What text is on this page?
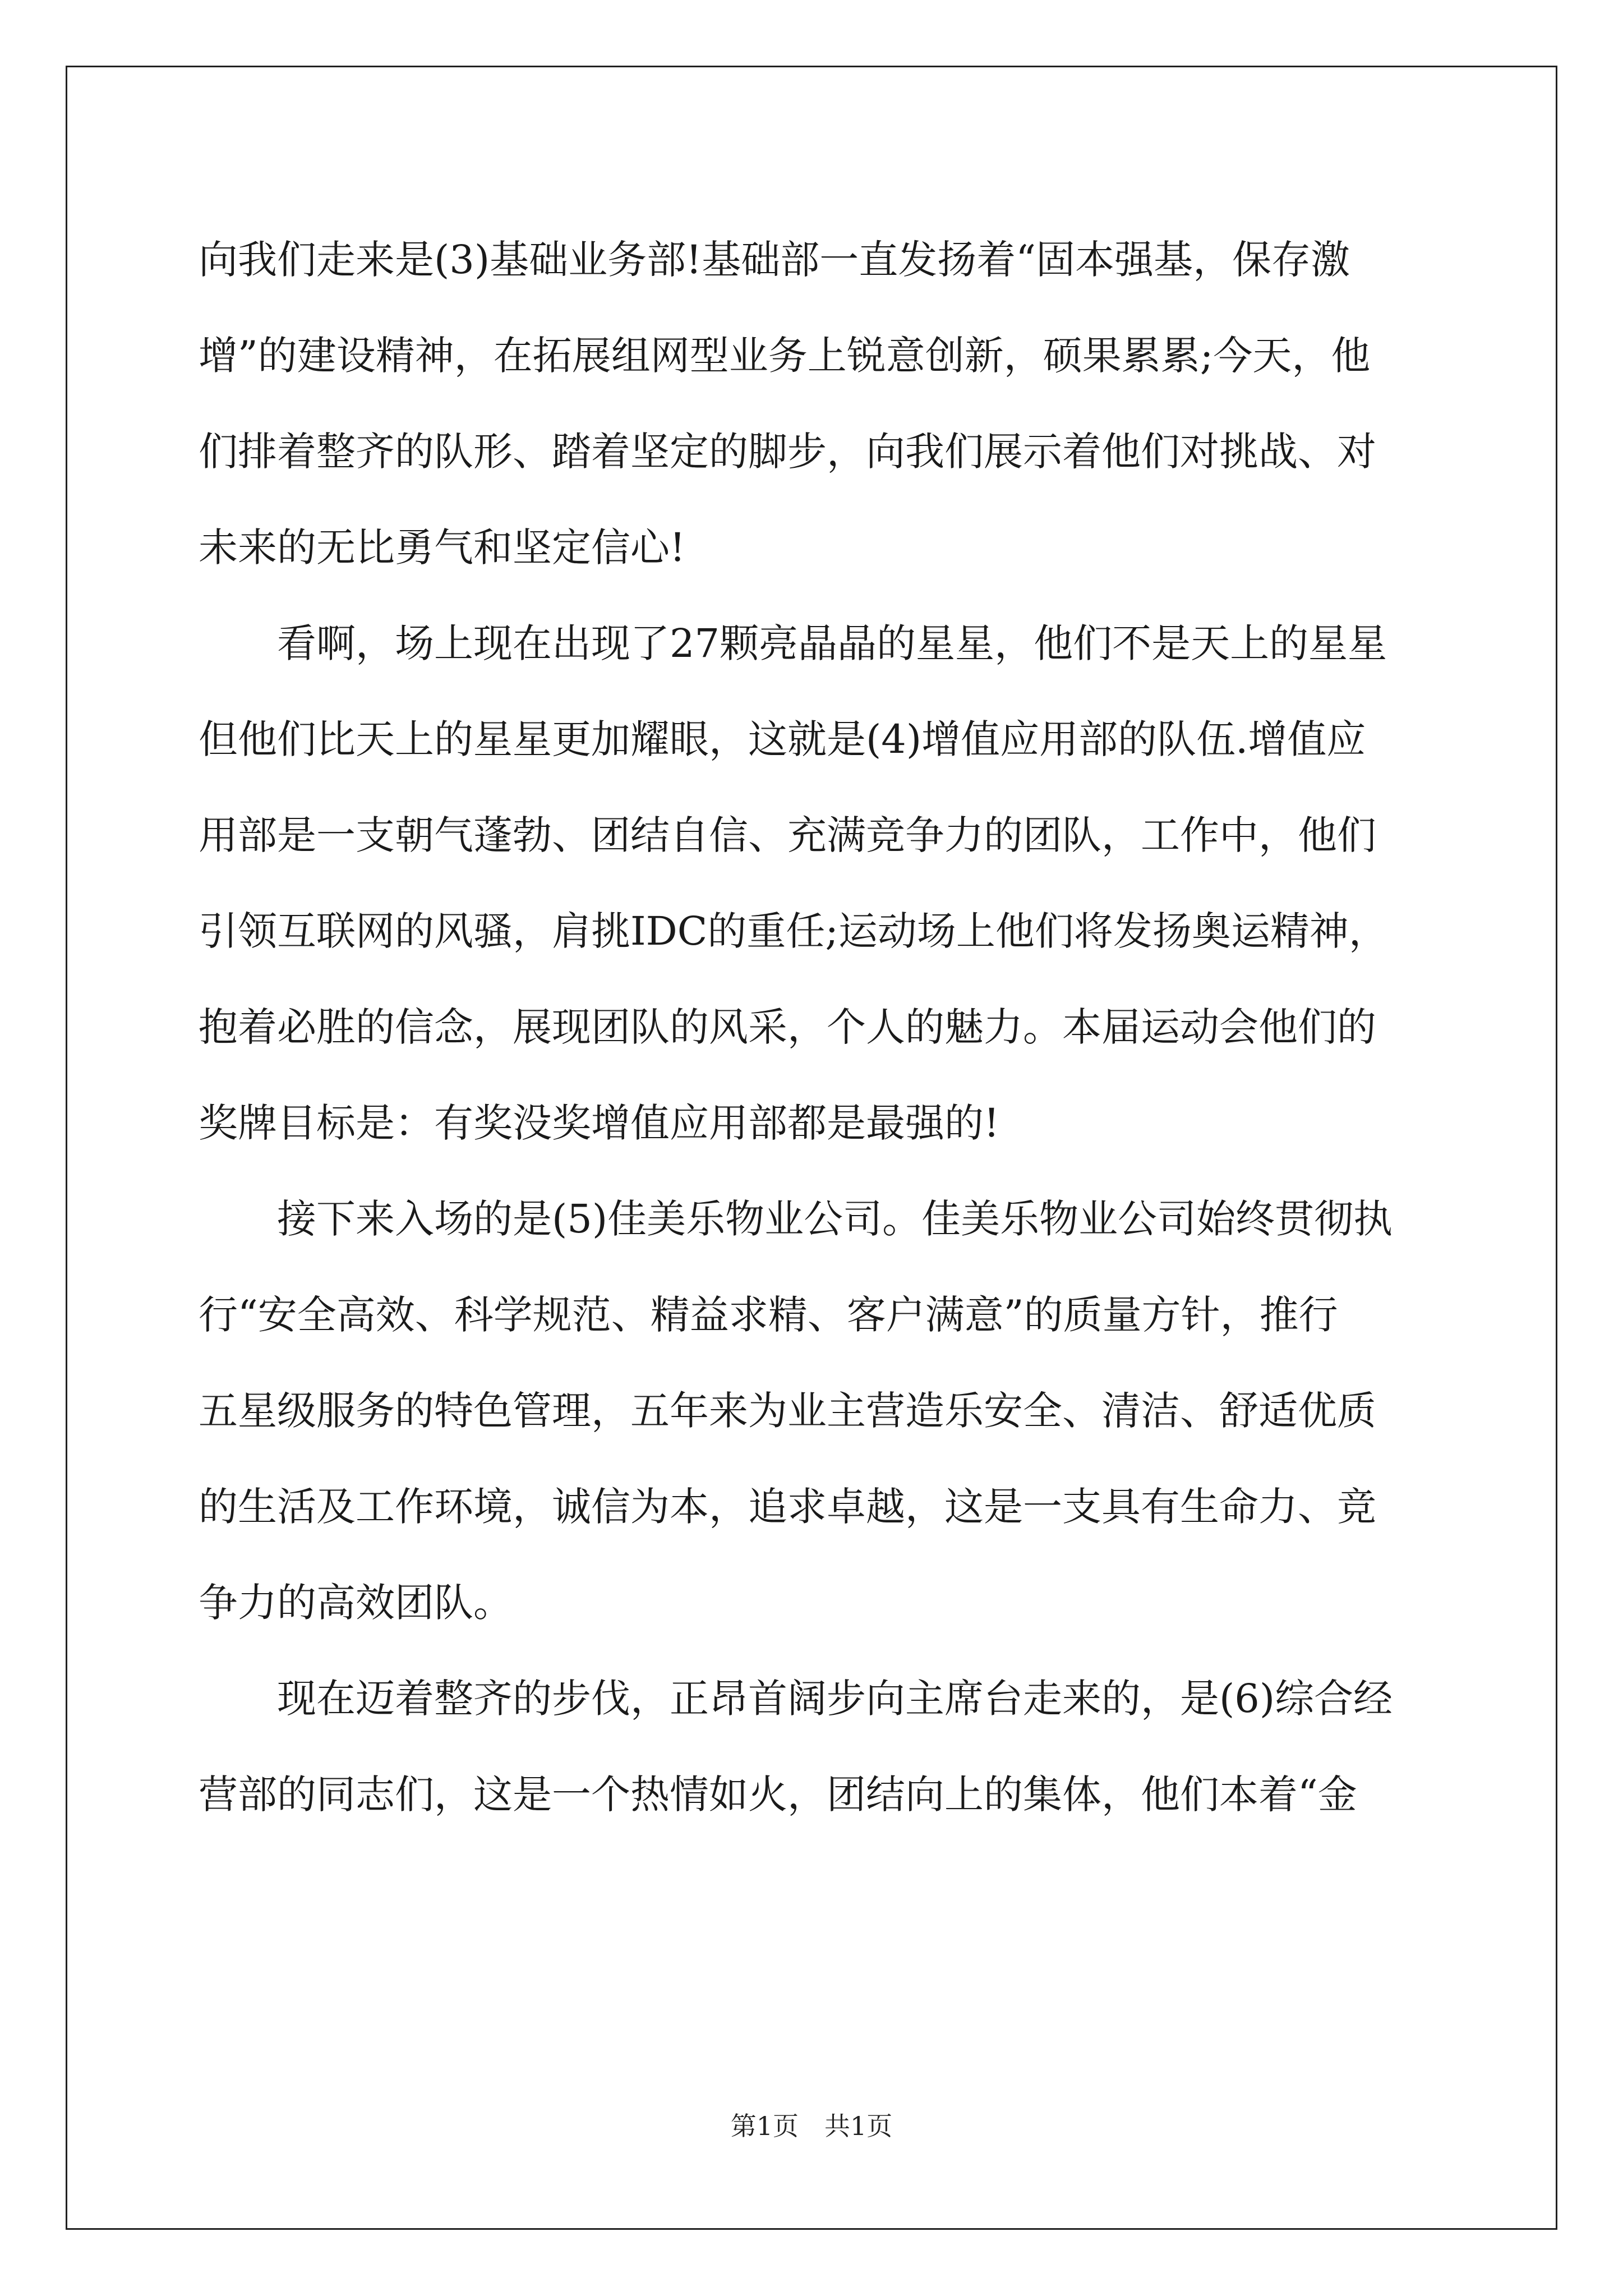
向我们走来是(3)基础业务部!基础部一直发扬着“固本强基，保存激
增”的建设精神，在拓展组网型业务上锐意创新，硕果累累;今天，他
们排着整齐的队形、踏着坚定的脚步，向我们展示着他们对挑战、对
未来的无比勇气和坚定信心!
　　看啊，场上现在出现了27颗亮晶晶的星星，他们不是天上的星星
但他们比天上的星星更加耀眼，这就是(4)增值应用部的队伍.增值应
用部是一支朝气蓬勃、团结自信、充满竞争力的团队，工作中，他们
引领互联网的风骚，肩挑IDC的重任;运动场上他们将发扬奥运精神，
抱着必胜的信念，展现团队的风采，个人的魅力。本届运动会他们的
奖牌目标是：有奖没奖增值应用部都是最强的!
　　接下来入场的是(5)佳美乐物业公司。佳美乐物业公司始终贯彻执
行“安全高效、科学规范、精益求精、客户满意”的质量方针，推行
五星级服务的特色管理，五年来为业主营造乐安全、清洁、舒适优质
的生活及工作环境，诚信为本，追求卓越，这是一支具有生命力、竞
争力的高效团队。
　　现在迈着整齐的步伐，正昂首阔步向主席台走来的，是(6)综合经
营部的同志们，这是一个热情如火，团结向上的集体，他们本着“金
第1页　共1页
